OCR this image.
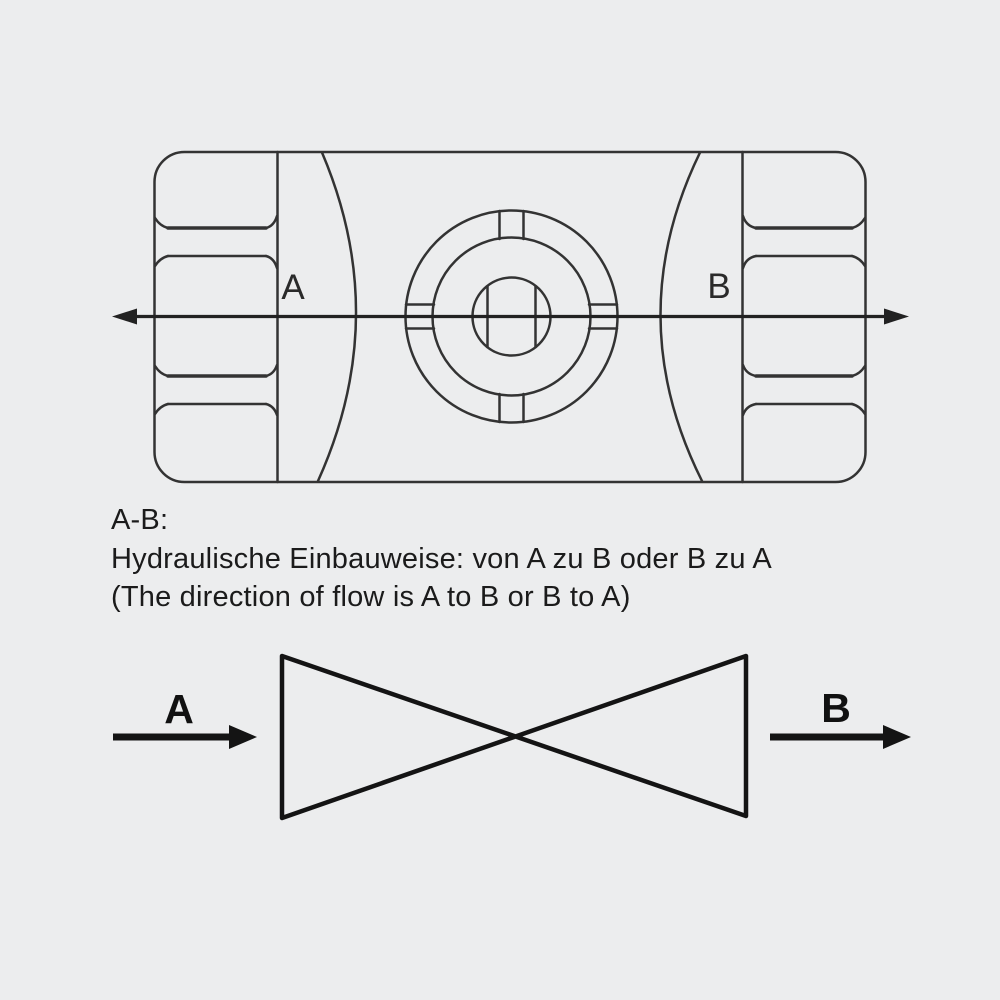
A	B
A	B
A-B:
Hydraulische Einbauweise: von A zu B oder B zu A
(The direction of flow is A to B or B to A)
